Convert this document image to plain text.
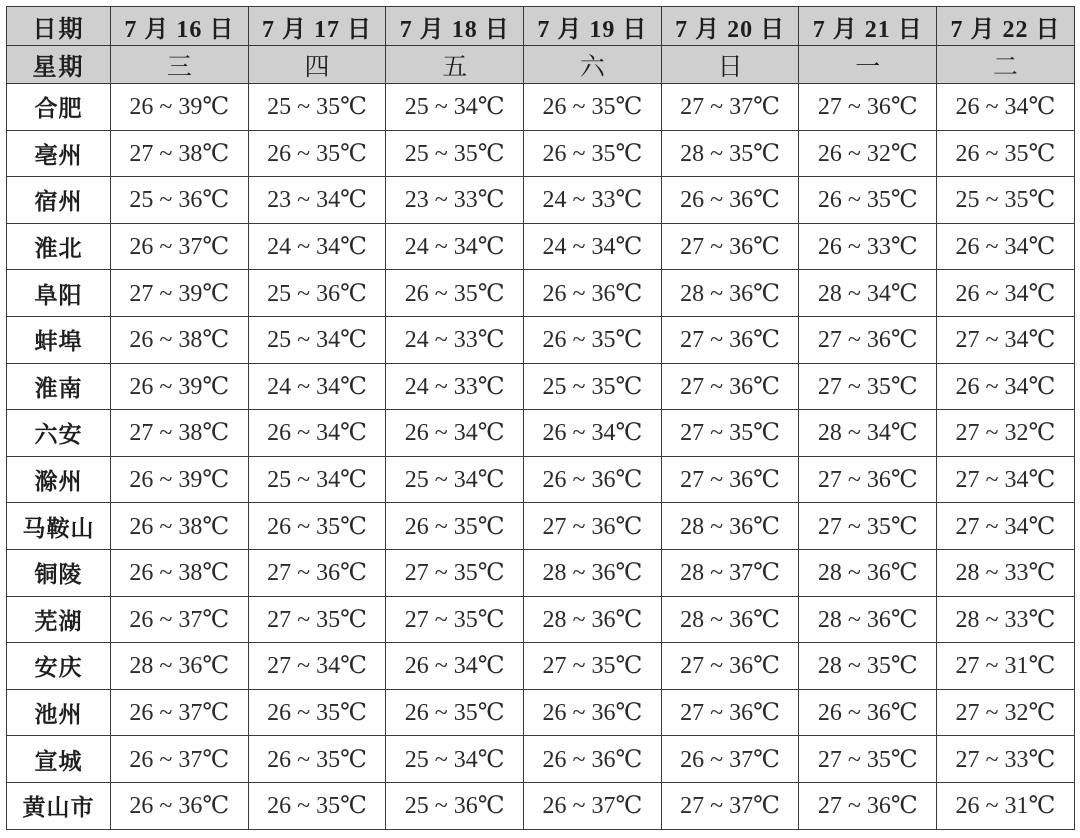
日期	7 月 16 日	7 月 17 日	7 月 18 日	7 月 19 日	7 月 20 日	7 月 21 日	7 月 22 日
星期	三	四	五	六	日	一	二
合肥	26 ~ 39℃	25 ~ 35℃	25 ~ 34℃	26 ~ 35℃	27 ~ 37℃	27 ~ 36℃	26 ~ 34℃
亳州	27 ~ 38℃	26 ~ 35℃	25 ~ 35℃	26 ~ 35℃	28 ~ 35℃	26 ~ 32℃	26 ~ 35℃
宿州	25 ~ 36℃	23 ~ 34℃	23 ~ 33℃	24 ~ 33℃	26 ~ 36℃	26 ~ 35℃	25 ~ 35℃
淮北	26 ~ 37℃	24 ~ 34℃	24 ~ 34℃	24 ~ 34℃	27 ~ 36℃	26 ~ 33℃	26 ~ 34℃
阜阳	27 ~ 39℃	25 ~ 36℃	26 ~ 35℃	26 ~ 36℃	28 ~ 36℃	28 ~ 34℃	26 ~ 34℃
蚌埠	26 ~ 38℃	25 ~ 34℃	24 ~ 33℃	26 ~ 35℃	27 ~ 36℃	27 ~ 36℃	27 ~ 34℃
淮南	26 ~ 39℃	24 ~ 34℃	24 ~ 33℃	25 ~ 35℃	27 ~ 36℃	27 ~ 35℃	26 ~ 34℃
六安	27 ~ 38℃	26 ~ 34℃	26 ~ 34℃	26 ~ 34℃	27 ~ 35℃	28 ~ 34℃	27 ~ 32℃
滁州	26 ~ 39℃	25 ~ 34℃	25 ~ 34℃	26 ~ 36℃	27 ~ 36℃	27 ~ 36℃	27 ~ 34℃
马鞍山	26 ~ 38℃	26 ~ 35℃	26 ~ 35℃	27 ~ 36℃	28 ~ 36℃	27 ~ 35℃	27 ~ 34℃
铜陵	26 ~ 38℃	27 ~ 36℃	27 ~ 35℃	28 ~ 36℃	28 ~ 37℃	28 ~ 36℃	28 ~ 33℃
芜湖	26 ~ 37℃	27 ~ 35℃	27 ~ 35℃	28 ~ 36℃	28 ~ 36℃	28 ~ 36℃	28 ~ 33℃
安庆	28 ~ 36℃	27 ~ 34℃	26 ~ 34℃	27 ~ 35℃	27 ~ 36℃	28 ~ 35℃	27 ~ 31℃
池州	26 ~ 37℃	26 ~ 35℃	26 ~ 35℃	26 ~ 36℃	27 ~ 36℃	26 ~ 36℃	27 ~ 32℃
宣城	26 ~ 37℃	26 ~ 35℃	25 ~ 34℃	26 ~ 36℃	26 ~ 37℃	27 ~ 35℃	27 ~ 33℃
黄山市	26 ~ 36℃	26 ~ 35℃	25 ~ 36℃	26 ~ 37℃	27 ~ 37℃	27 ~ 36℃	26 ~ 31℃
